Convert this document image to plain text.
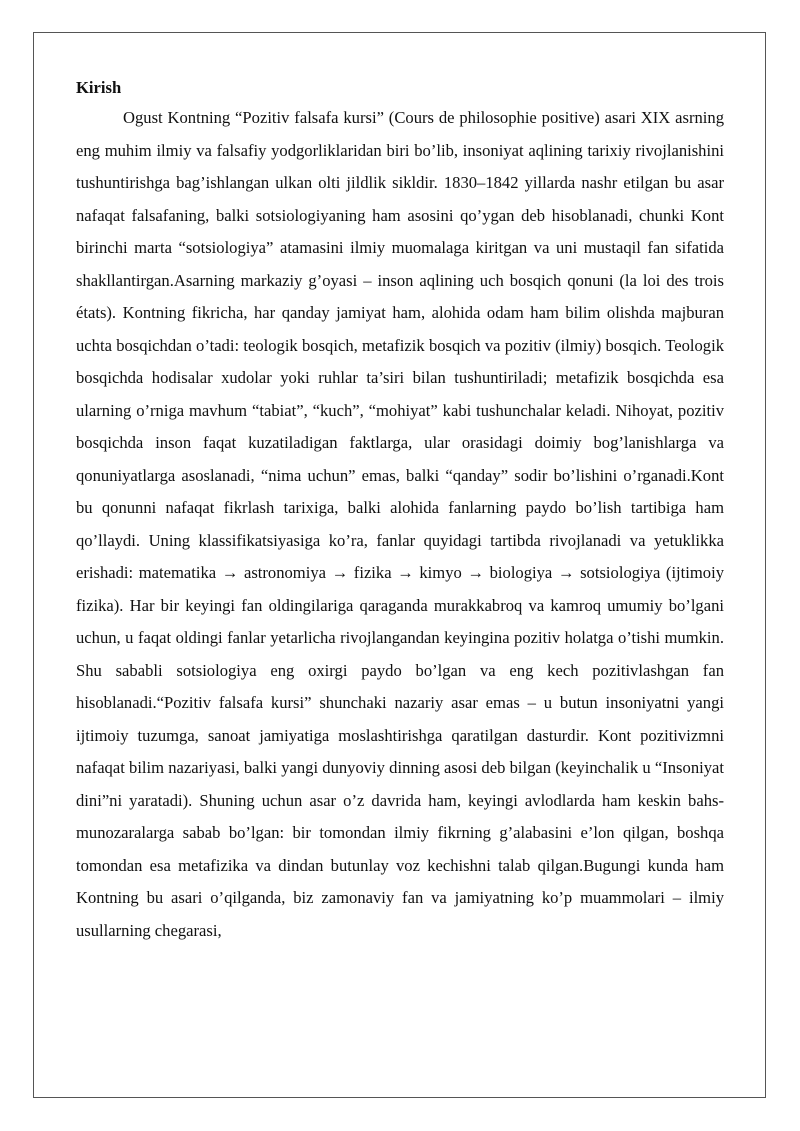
Kirish

Ogust Kontning “Pozitiv falsafa kursi” (Cours de philosophie positive) asari XIX asrning eng muhim ilmiy va falsafiy yodgorliklaridan biri bo’lib, insoniyat aqlining tarixiy rivojlanishini tushuntirishga bag’ishlangan ulkan olti jildlik sikldir. 1830–1842 yillarda nashr etilgan bu asar nafaqat falsafaning, balki sotsiologiyaning ham asosini qo’ygan deb hisoblanadi, chunki Kont birinchi marta “sotsiologiya” atamasini ilmiy muomalaga kiritgan va uni mustaqil fan sifatida shakllantirgan.Asarning markaziy g’oyasi – inson aqlining uch bosqich qonuni (la loi des trois états). Kontning fikricha, har qanday jamiyat ham, alohida odam ham bilim olishda majburan uchta bosqichdan o’tadi: teologik bosqich, metafizik bosqich va pozitiv (ilmiy) bosqich. Teologik bosqichda hodisalar xudolar yoki ruhlar ta’siri bilan tushuntiriladi; metafizik bosqichda esa ularning o’rniga mavhum “tabiat”, “kuch”, “mohiyat” kabi tushunchalar keladi. Nihoyat, pozitiv bosqichda inson faqat kuzatiladigan faktlarga, ular orasidagi doimiy bog’lanishlarga va qonuniyatlarga asoslanadi, “nima uchun” emas, balki “qanday” sodir bo’lishini o’rganadi.Kont bu qonunni nafaqat fikrlash tarixiga, balki alohida fanlarning paydo bo’lish tartibiga ham qo’llaydi. Uning klassifikatsiyasiga ko’ra, fanlar quyidagi tartibda rivojlanadi va yetuklikka erishadi: matematika → astronomiya → fizika → kimyo → biologiya → sotsiologiya (ijtimoiy fizika). Har bir keyingi fan oldingilariga qaraganda murakkabroq va kamroq umumiy bo’lgani uchun, u faqat oldingi fanlar yetarlicha rivojlangandan keyingina pozitiv holatga o’tishi mumkin. Shu sababli sotsiologiya eng oxirgi paydo bo’lgan va eng kech pozitivlashgan fan hisoblanadi.“Pozitiv falsafa kursi” shunchaki nazariy asar emas – u butun insoniyatni yangi ijtimoiy tuzumga, sanoat jamiyatiga moslashtirishga qaratilgan dasturdir. Kont pozitivizmni nafaqat bilim nazariyasi, balki yangi dunyoviy dinning asosi deb bilgan (keyinchalik u “Insoniyat dini”ni yaratadi). Shuning uchun asar o’z davrida ham, keyingi avlodlarda ham keskin bahs-munozaralarga sabab bo’lgan: bir tomondan ilmiy fikrning g’alabasini e’lon qilgan, boshqa tomondan esa metafizika va dindan butunlay voz kechishni talab qilgan.Bugungi kunda ham Kontning bu asari o’qilganda, biz zamonaviy fan va jamiyatning ko’p muammolari – ilmiy usullarning chegarasi,
